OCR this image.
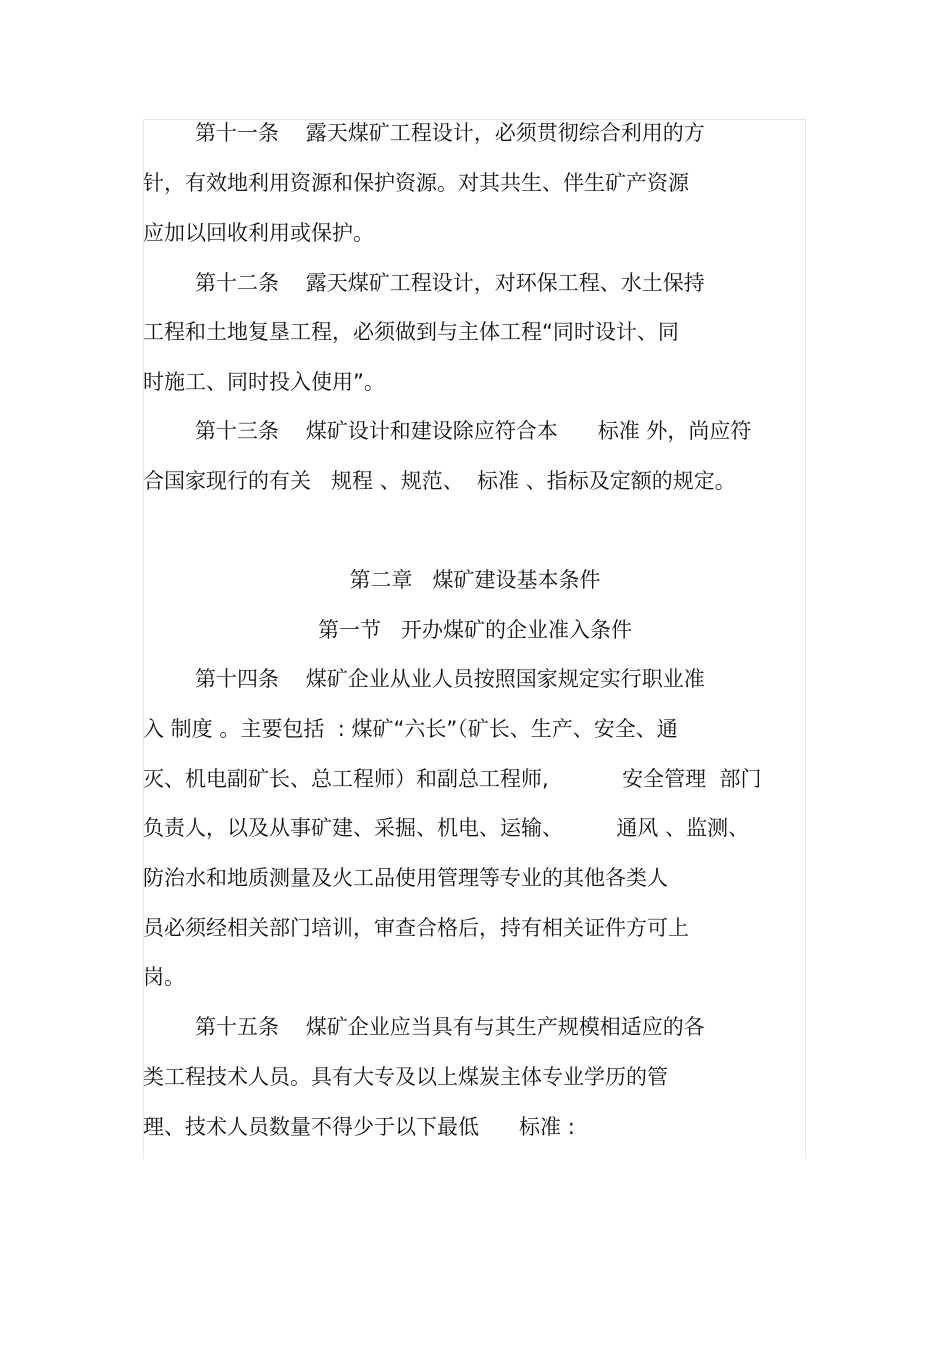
第十一条    露天煤矿工程设计，必须贯彻综合利用的方
针，有效地利用资源和保护资源。对其共生、伴生矿产资源
应加以回收利用或保护。
第十二条    露天煤矿工程设计，对环保工程、水土保持
工程和土地复垦工程，必须做到与主体工程“同时设计、同
时施工、同时投入使用”。
第十三条    煤矿设计和建设除应符合本      标准 外，尚应符
合国家现行的有关   规程 、规范、  标准 、指标及定额的规定。
第二章   煤矿建设基本条件
第一节   开办煤矿的企业准入条件
第十四条    煤矿企业从业人员按照国家规定实行职业准
入 制度 。主要包括  : 煤矿“六长”（矿长、生产、安全、通
灭、机电副矿长、总工程师）和副总工程师,           安全管理  部门
负责人，以及从事矿建、采掘、机电、运输、        通风 、监测、
防治水和地质测量及火工品使用管理等专业的其他各类人
员必须经相关部门培训，审查合格后，持有相关证件方可上
岗。
第十五条    煤矿企业应当具有与其生产规模相适应的各
类工程技术人员。具有大专及以上煤炭主体专业学历的管
理、技术人员数量不得少于以下最低      标准 :
